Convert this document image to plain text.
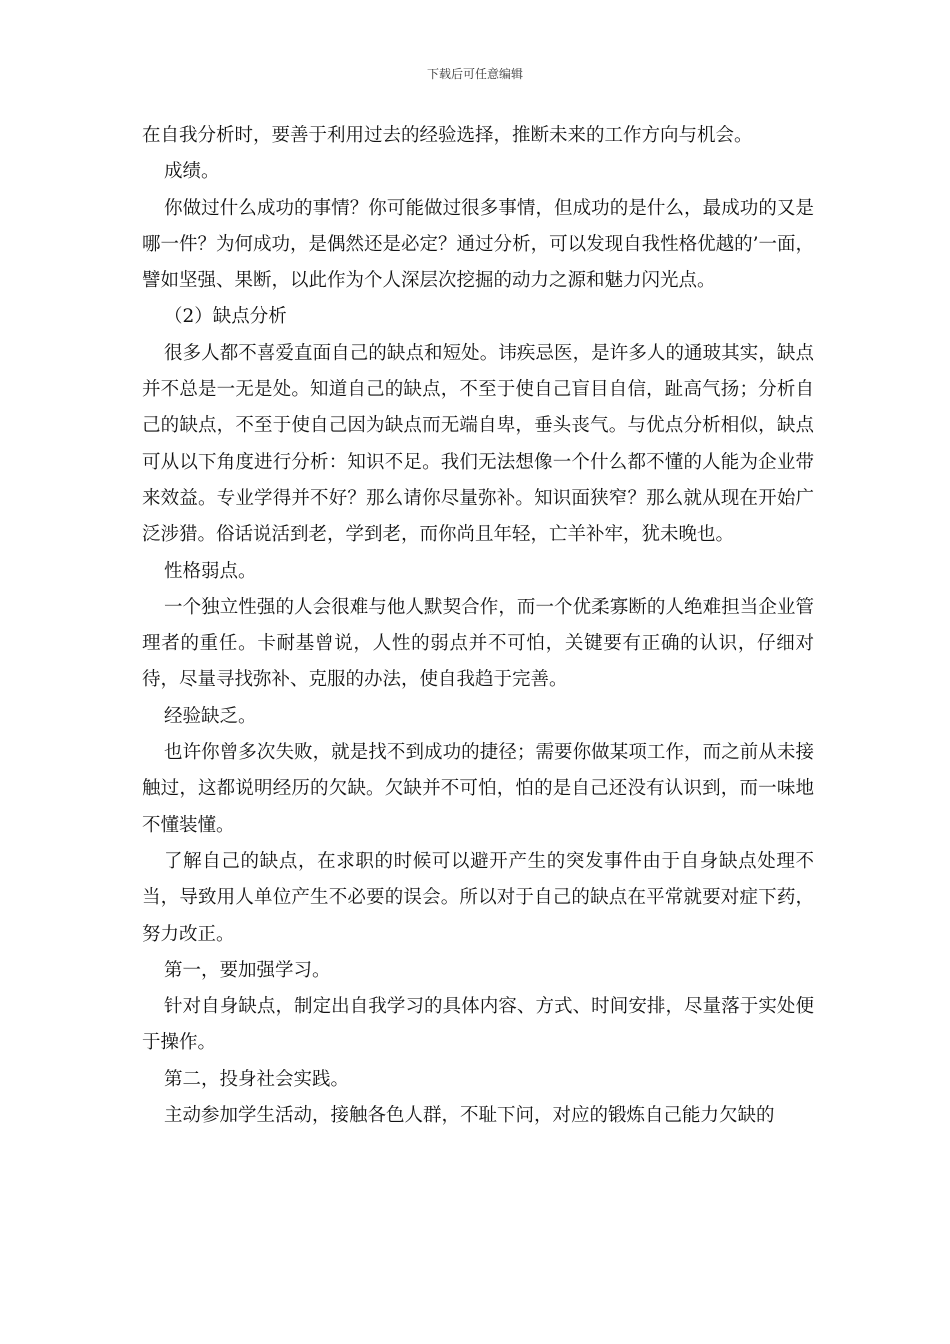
下载后可任意编辑

在自我分析时，要善于利用过去的经验选择，推断未来的工作方向与机会。

成绩。

你做过什么成功的事情？你可能做过很多事情，但成功的是什么，最成功的又是哪一件？为何成功，是偶然还是必定？通过分析，可以发现自我性格优越的’一面，譬如坚强、果断，以此作为个人深层次挖掘的动力之源和魅力闪光点。

（2）缺点分析

很多人都不喜爱直面自己的缺点和短处。讳疾忌医，是许多人的通玻其实，缺点并不总是一无是处。知道自己的缺点，不至于使自己盲目自信，趾高气扬；分析自己的缺点，不至于使自己因为缺点而无端自卑，垂头丧气。与优点分析相似，缺点可从以下角度进行分析：知识不足。我们无法想像一个什么都不懂的人能为企业带来效益。专业学得并不好？那么请你尽量弥补。知识面狭窄？那么就从现在开始广泛涉猎。俗话说活到老，学到老，而你尚且年轻，亡羊补牢，犹未晚也。

性格弱点。

一个独立性强的人会很难与他人默契合作，而一个优柔寡断的人绝难担当企业管理者的重任。卡耐基曾说，人性的弱点并不可怕，关键要有正确的认识，仔细对待，尽量寻找弥补、克服的办法，使自我趋于完善。

经验缺乏。

也许你曾多次失败，就是找不到成功的捷径；需要你做某项工作，而之前从未接触过，这都说明经历的欠缺。欠缺并不可怕，怕的是自己还没有认识到，而一味地不懂装懂。

了解自己的缺点，在求职的时候可以避开产生的突发事件由于自身缺点处理不当，导致用人单位产生不必要的误会。所以对于自己的缺点在平常就要对症下药，努力改正。

第一，要加强学习。

针对自身缺点，制定出自我学习的具体内容、方式、时间安排，尽量落于实处便于操作。

第二，投身社会实践。

主动参加学生活动，接触各色人群，不耻下问，对应的锻炼自己能力欠缺的
